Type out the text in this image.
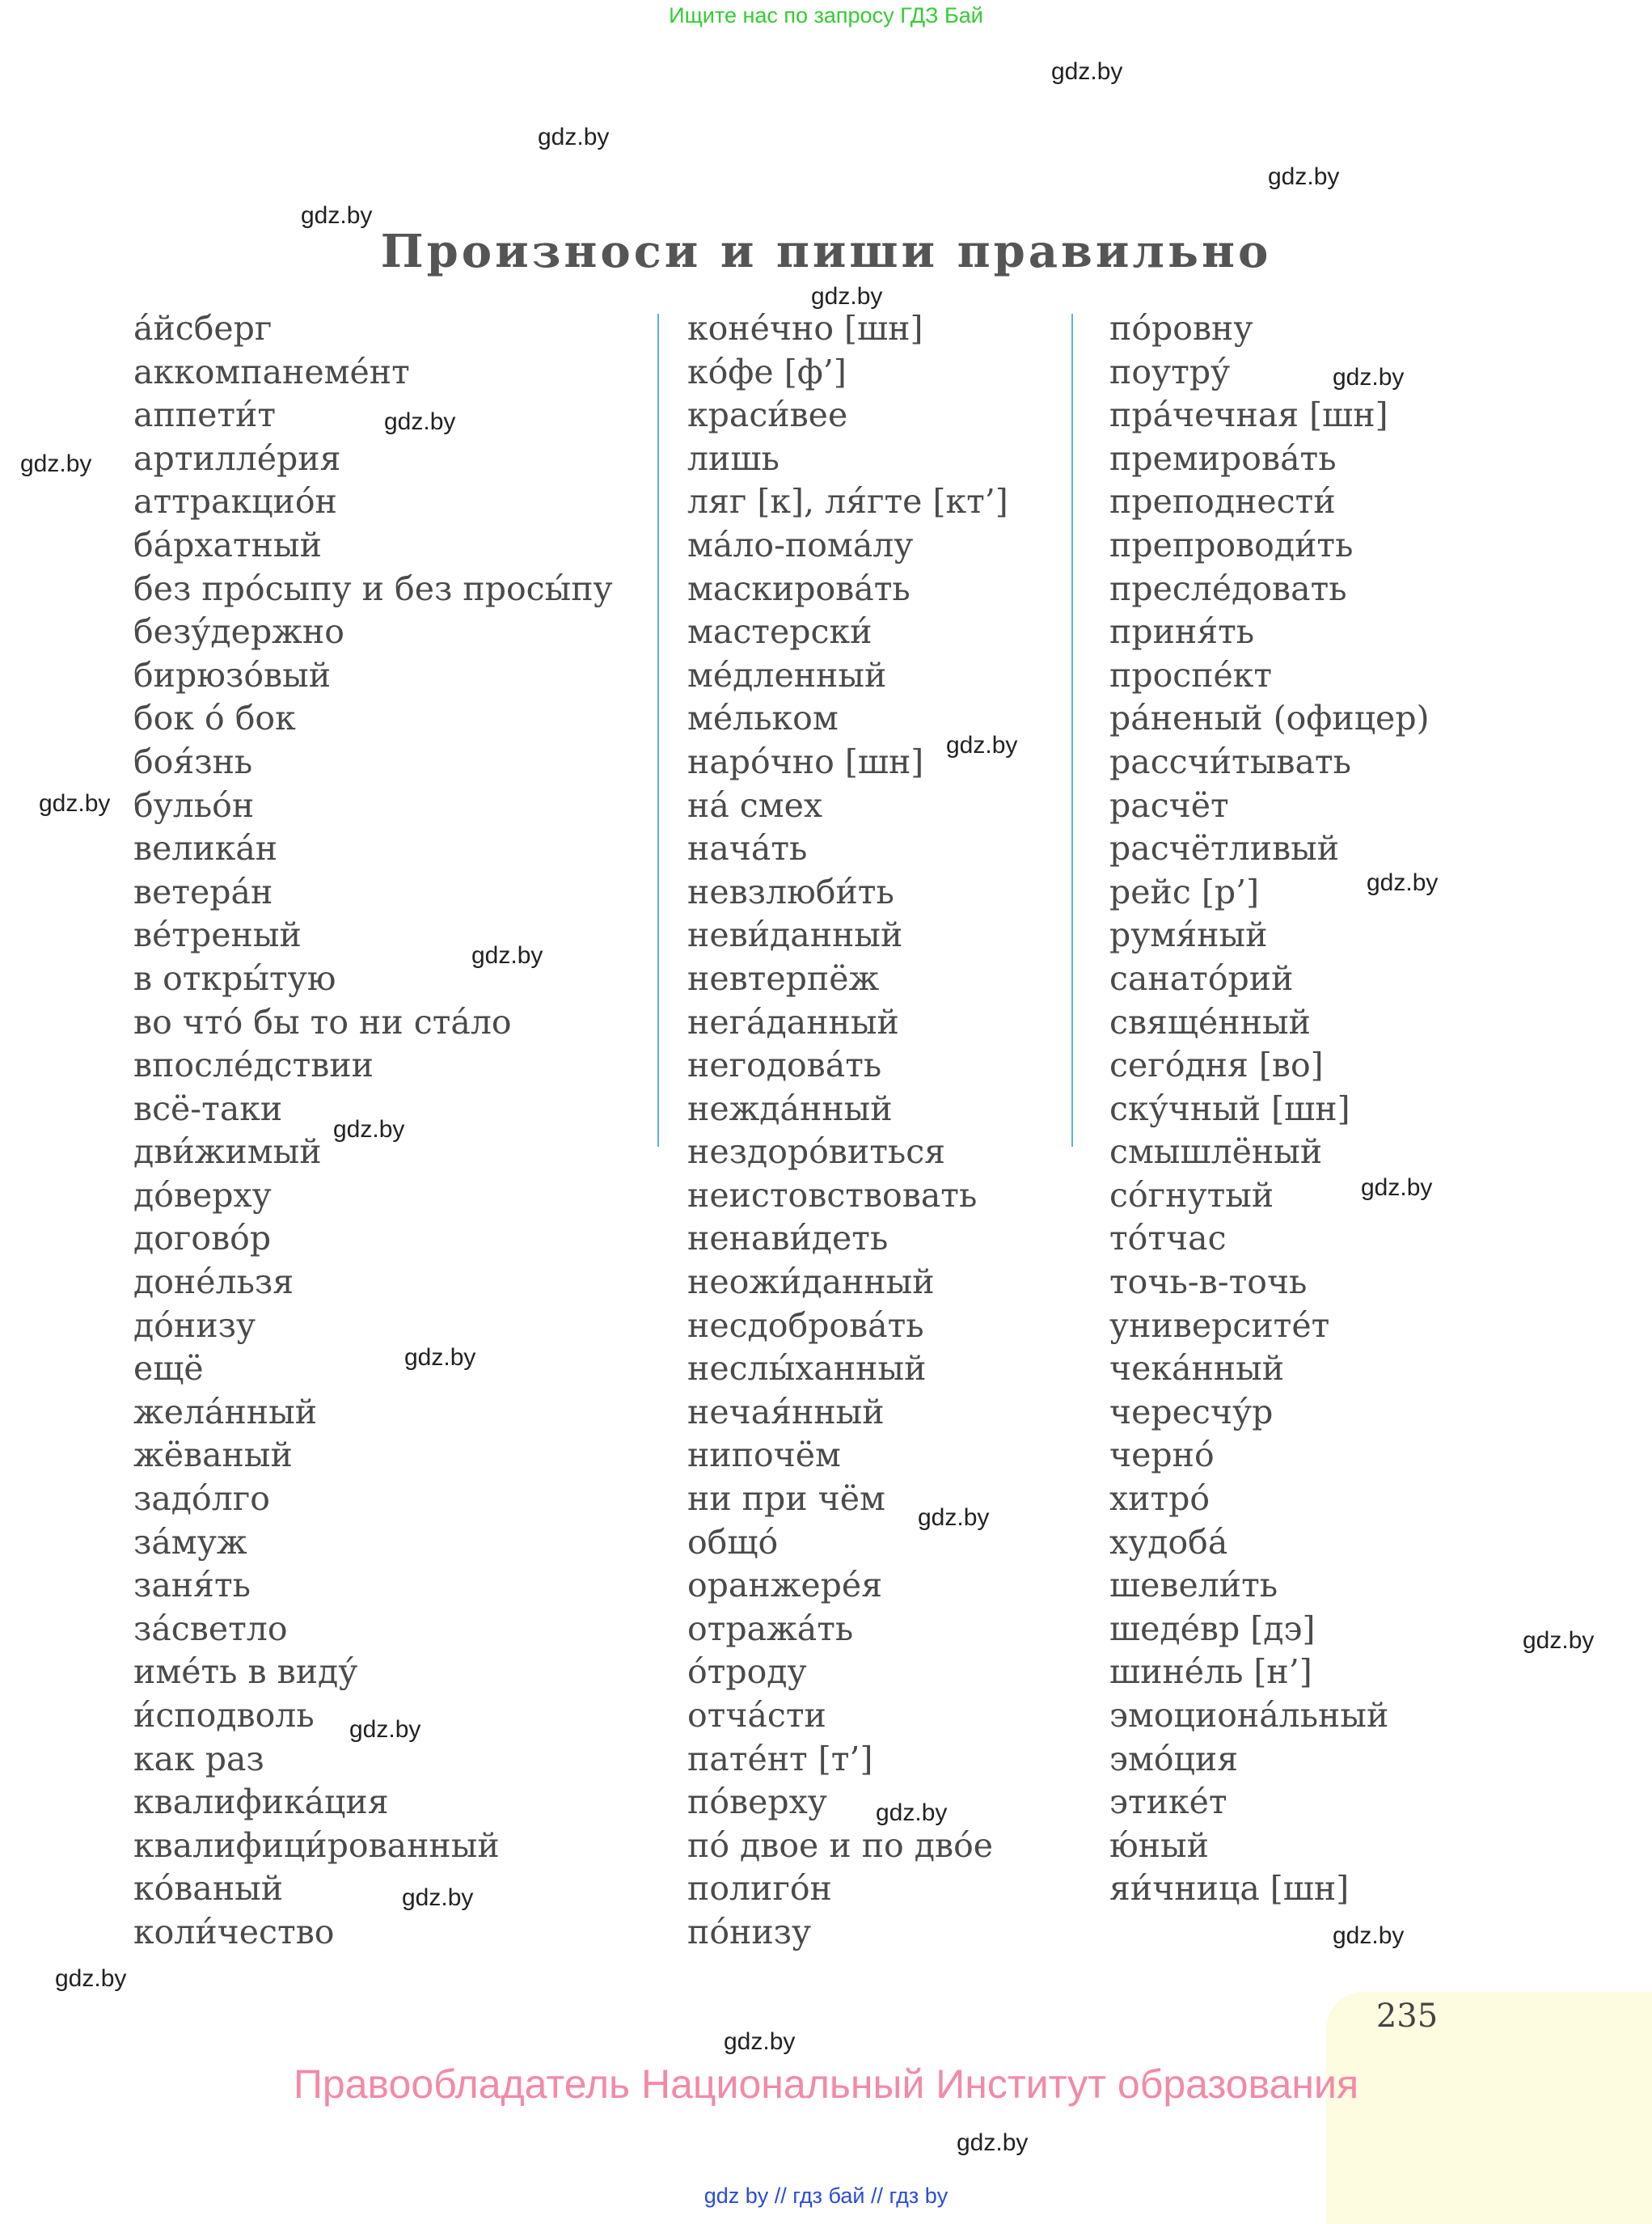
Ищите нас по запросу ГДЗ Бай
Произноси и пиши правильно
а́йсберг
аккомпанеме́нт
аппети́т
артилле́рия
аттракцио́н
ба́рхатный
без про́сыпу и без просы́пу
безу́держно
бирюзо́вый
бок о́ бок
боя́знь
бульо́н
велика́н
ветера́н
ве́треный
в откры́тую
во что́ бы то ни ста́ло
впосле́дствии
всё-таки
дви́жимый
до́верху
догово́р
доне́льзя
до́низу
ещё
жела́нный
жёваный
задо́лго
за́муж
заня́ть
за́светло
име́ть в виду́
и́сподволь
как раз
квалифика́ция
квалифици́рованный
ко́ваный
коли́чество
коне́чно [шн]
ко́фе [ф’]
краси́вее
лишь
ляг [к], ля́гте [кт’]
ма́ло-пома́лу
маскирова́ть
мастерски́
ме́дленный
ме́льком
наро́чно [шн]
на́ смех
нача́ть
невзлюби́ть
неви́данный
невтерпёж
нега́данный
негодова́ть
нежда́нный
нездоро́виться
неистовствовать
ненави́деть
неожи́данный
несдоброва́ть
неслы́ханный
нечая́нный
нипочём
ни при чём
общо́
оранжере́я
отража́ть
о́троду
отча́сти
пате́нт [т’]
по́верху
по́ двое и по дво́е
полиго́н
по́низу
по́ровну
поутру́
пра́чечная [шн]
премирова́ть
преподнести́
препроводи́ть
пресле́довать
приня́ть
проспе́кт
ра́неный (офицер)
рассчи́тывать
расчёт
расчётливый
рейс [р’]
румя́ный
санато́рий
свяще́нный
сего́дня [во]
ску́чный [шн]
смышлёный
со́гнутый
то́тчас
точь-в-точь
университе́т
чека́нный
чересчу́р
черно́
хитро́
худоба́
шевели́ть
шеде́вр [дэ]
шине́ль [н’]
эмоциона́льный
эмо́ция
этике́т
ю́ный
яи́чница [шн]
235
Правообладатель Национальный Институт образования
gdz by // гдз бай // гдз by
gdz.by
gdz.by
gdz.by
gdz.by
gdz.by
gdz.by
gdz.by
gdz.by
gdz.by
gdz.by
gdz.by
gdz.by
gdz.by
gdz.by
gdz.by
gdz.by
gdz.by
gdz.by
gdz.by
gdz.by
gdz.by
gdz.by
gdz.by
gdz.by
